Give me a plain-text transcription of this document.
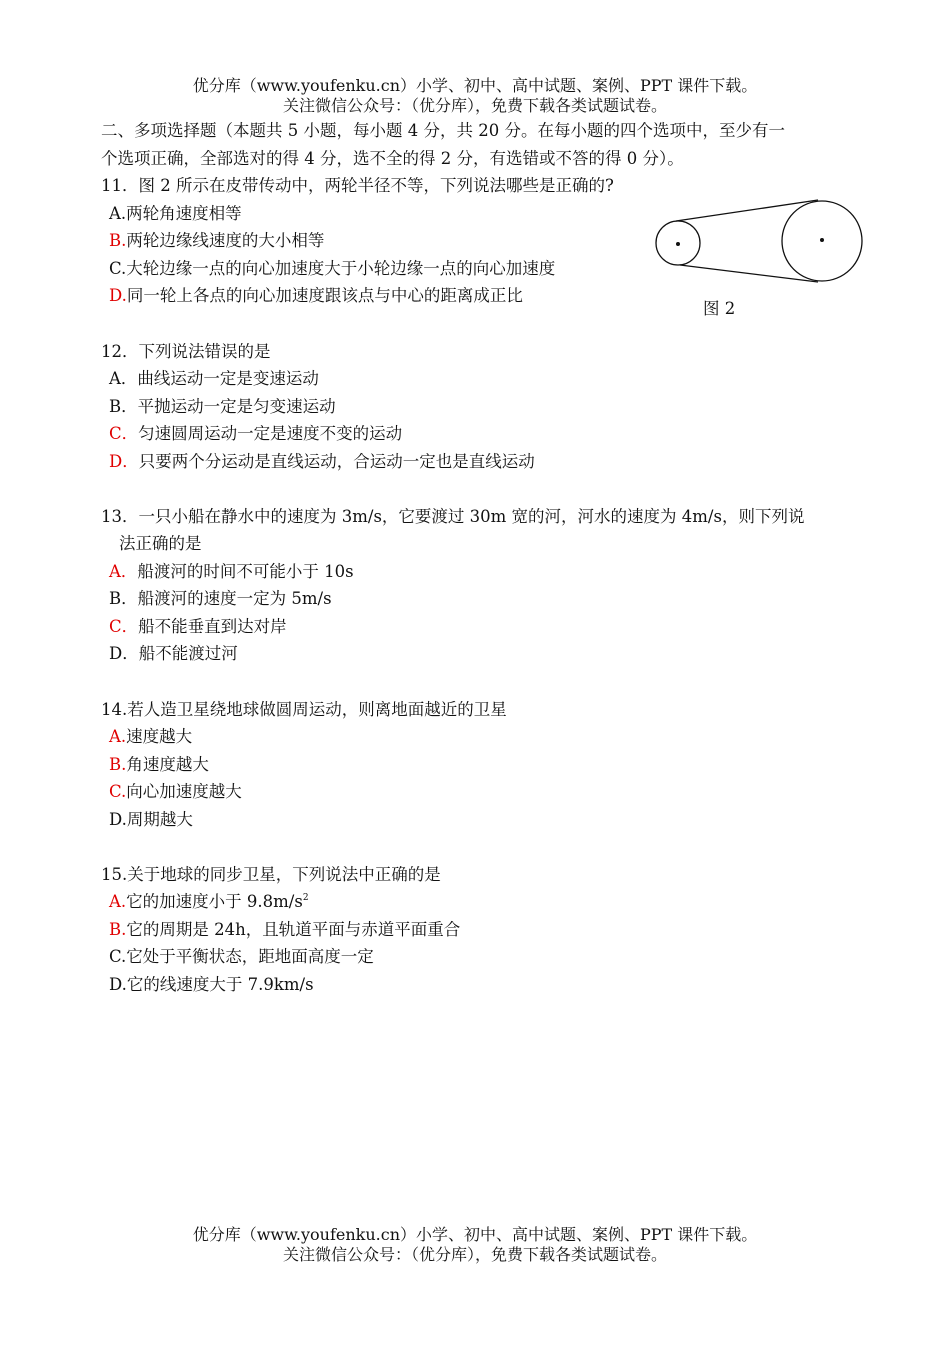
优分库（www.youfenku.cn）小学、初中、高中试题、案例、PPT 课件下载。
关注微信公众号：（优分库），免费下载各类试题试卷。
二、多项选择题（本题共 5 小题，每小题 4 分，共 20 分。在每小题的四个选项中，至少有一
个选项正确，全部选对的得 4 分，选不全的得 2 分，有选错或不答的得 0 分）。
11．图 2 所示在皮带传动中，两轮半径不等，下列说法哪些是正确的?
A.两轮角速度相等
B.两轮边缘线速度的大小相等
C.大轮边缘一点的向心加速度大于小轮边缘一点的向心加速度
D.同一轮上各点的向心加速度跟该点与中心的距离成正比
图 2
12．下列说法错误的是
A．曲线运动一定是变速运动
B．平抛运动一定是匀变速运动
C．匀速圆周运动一定是速度不变的运动
D．只要两个分运动是直线运动，合运动一定也是直线运动
13．一只小船在静水中的速度为 3m/s，它要渡过 30m 宽的河，河水的速度为 4m/s，则下列说
法正确的是
A．船渡河的时间不可能小于 10s
B．船渡河的速度一定为 5m/s
C．船不能垂直到达对岸
D．船不能渡过河
14.若人造卫星绕地球做圆周运动，则离地面越近的卫星
A.速度越大
B.角速度越大
C.向心加速度越大
D.周期越大
15.关于地球的同步卫星，下列说法中正确的是
A.它的加速度小于 $9.8m/s^2$
B.它的周期是 24h，且轨道平面与赤道平面重合
C.它处于平衡状态，距地面高度一定
D.它的线速度大于 7.9km/s
优分库（www.youfenku.cn）小学、初中、高中试题、案例、PPT 课件下载。
关注微信公众号：（优分库），免费下载各类试题试卷。
